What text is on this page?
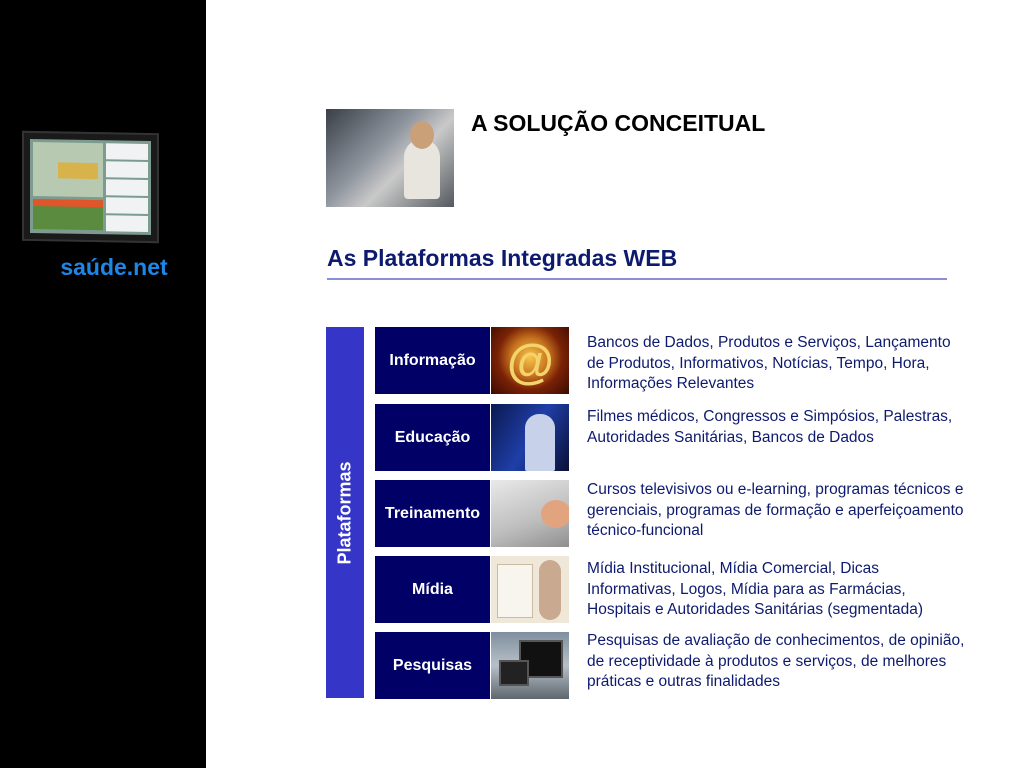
saúde.net
A SOLUÇÃO CONCEITUAL
As Plataformas Integradas WEB
Plataformas
Informação @ Bancos de Dados, Produtos e Serviços, Lançamento de Produtos, Informativos, Notícias, Tempo, Hora, Informações Relevantes
Educação
Filmes médicos, Congressos e Simpósios, Palestras, Autoridades Sanitárias, Bancos de Dados
Treinamento
Cursos televisivos ou e-learning, programas técnicos e gerenciais, programas de formação e aperfeiçoamento técnico-funcional
Mídia
Mídia Institucional, Mídia Comercial, Dicas Informativas, Logos, Mídia para as Farmácias, Hospitais e Autoridades Sanitárias (segmentada)
Pesquisas
Pesquisas de avaliação de conhecimentos, de opinião, de receptividade à produtos e serviços, de melhores práticas e outras finalidades
